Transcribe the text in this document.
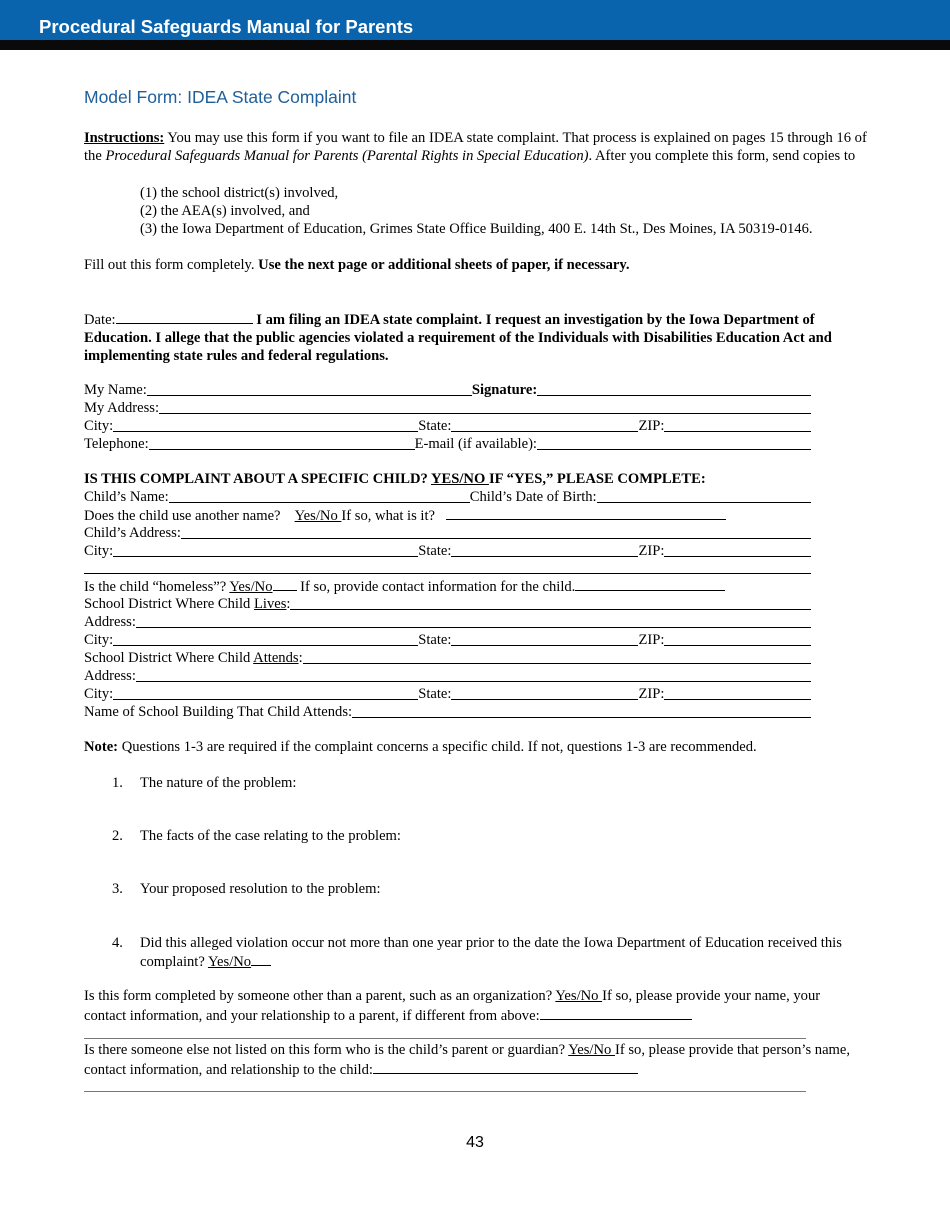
Procedural Safeguards Manual for Parents
Model Form: IDEA State Complaint
Instructions: You may use this form if you want to file an IDEA state complaint. That process is explained on pages 15 through 16 of the Procedural Safeguards Manual for Parents (Parental Rights in Special Education). After you complete this form, send copies to
(1) the school district(s) involved,
(2) the AEA(s) involved, and
(3) the Iowa Department of Education, Grimes State Office Building, 400 E. 14th St., Des Moines, IA 50319-0146.
Fill out this form completely. Use the next page or additional sheets of paper, if necessary.
Date:	I am filing an IDEA state complaint. I request an investigation by the Iowa Department of Education. I allege that the public agencies violated a requirement of the Individuals with Disabilities Education Act and implementing state rules and federal regulations.
My Name:	Signature:
My Address:
City:	State:	ZIP:
Telephone:	E-mail (if available):
IS THIS COMPLAINT ABOUT A SPECIFIC CHILD? YES/NO IF “YES,” PLEASE COMPLETE:
Child’s Name:	Child’s Date of Birth:
Does the child use another name? Yes/No If so, what is it?
Child’s Address:
City:	State:	ZIP:
Is the child “homeless”? Yes/No If so, provide contact information for the child.
School District Where Child Lives:
Address:
City:	State:	ZIP:
School District Where Child Attends:
Address:
City:	State:	ZIP:
Name of School Building That Child Attends:
Note: Questions 1-3 are required if the complaint concerns a specific child. If not, questions 1-3 are recommended.
1. The nature of the problem:
2. The facts of the case relating to the problem:
3. Your proposed resolution to the problem:
4. Did this alleged violation occur not more than one year prior to the date the Iowa Department of Education received this complaint? Yes/No
Is this form completed by someone other than a parent, such as an organization? Yes/No If so, please provide your name, your contact information, and your relationship to a parent, if different from above:
Is there someone else not listed on this form who is the child’s parent or guardian? Yes/No If so, please provide that person’s name, contact information, and relationship to the child:
43
